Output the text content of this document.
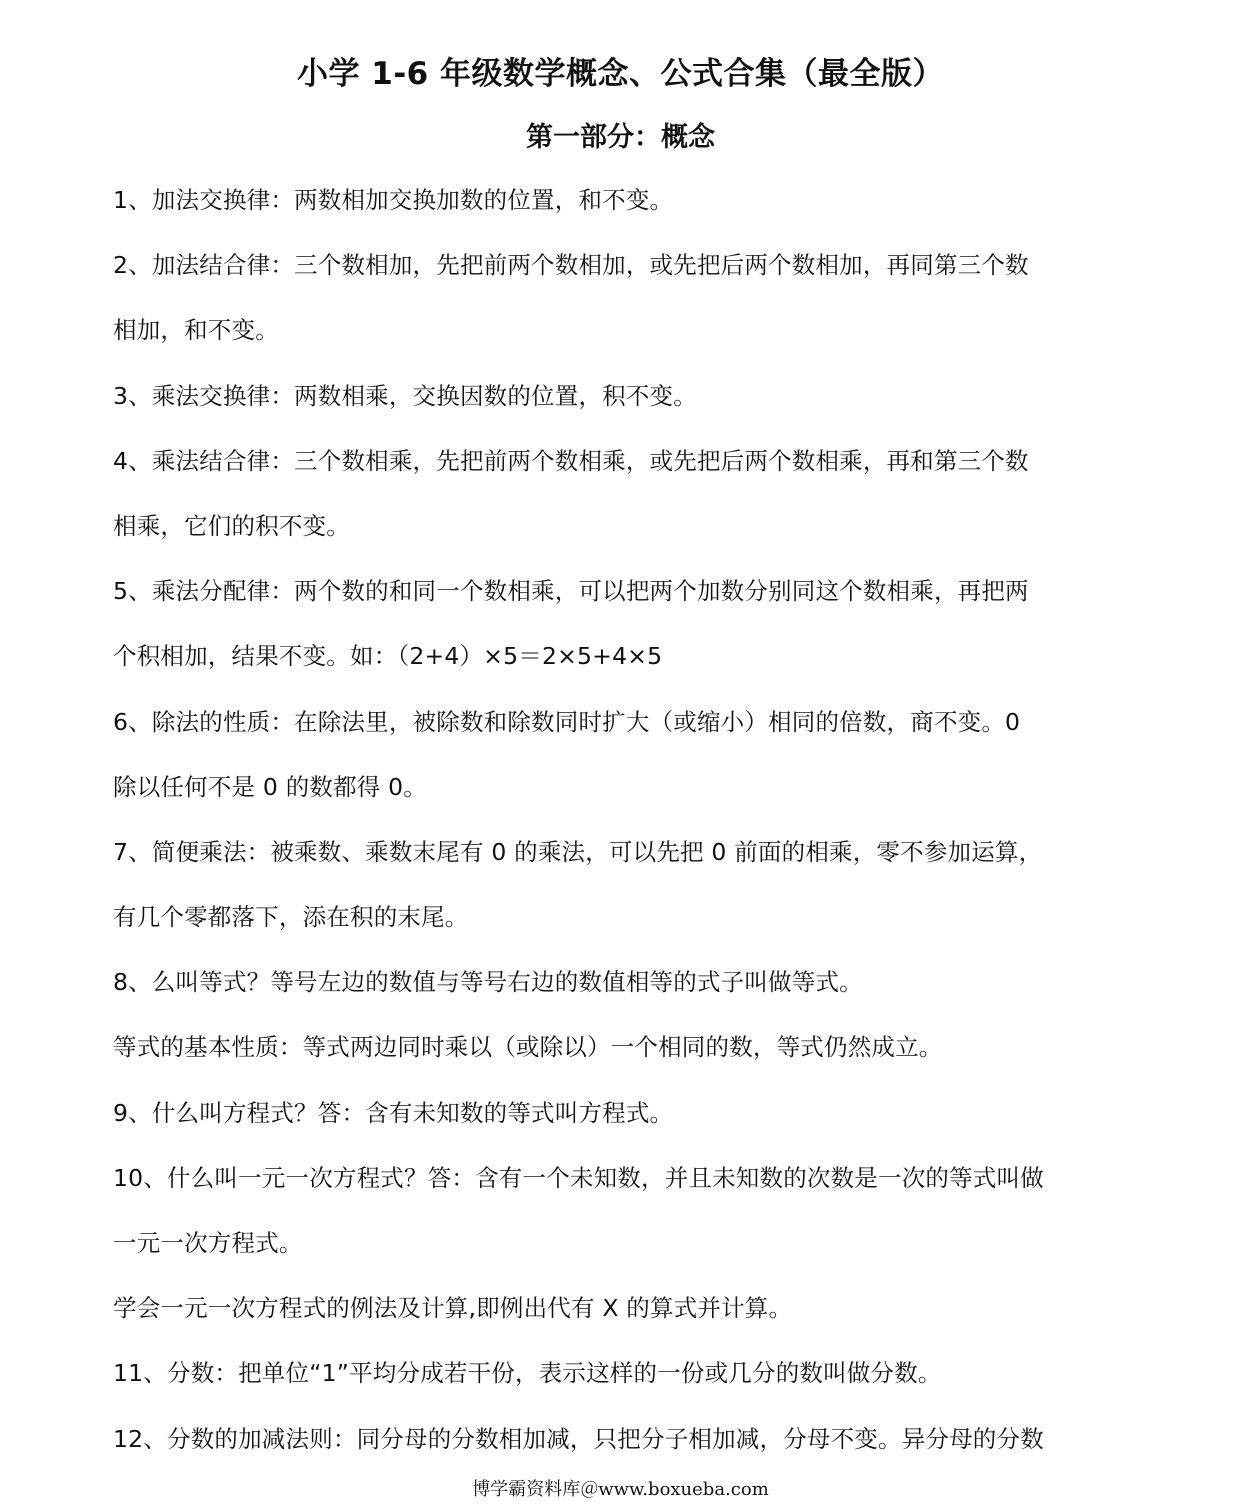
小学 1-6 年级数学概念、公式合集（最全版）
第一部分：概念
1、加法交换律：两数相加交换加数的位置，和不变。
2、加法结合律：三个数相加，先把前两个数相加，或先把后两个数相加，再同第三个数
相加，和不变。
3、乘法交换律：两数相乘，交换因数的位置，积不变。
4、乘法结合律：三个数相乘，先把前两个数相乘，或先把后两个数相乘，再和第三个数
相乘，它们的积不变。
5、乘法分配律：两个数的和同一个数相乘，可以把两个加数分别同这个数相乘，再把两
个积相加，结果不变。如：（2+4）×5＝2×5+4×5
6、除法的性质：在除法里，被除数和除数同时扩大（或缩小）相同的倍数，商不变。0
除以任何不是 0 的数都得 0。
7、简便乘法：被乘数、乘数末尾有 0 的乘法，可以先把 0 前面的相乘，零不参加运算，
有几个零都落下，添在积的末尾。
8、么叫等式？等号左边的数值与等号右边的数值相等的式子叫做等式。
等式的基本性质：等式两边同时乘以（或除以）一个相同的数，等式仍然成立。
9、什么叫方程式？答：含有未知数的等式叫方程式。
10、什么叫一元一次方程式？答：含有一个未知数，并且未知数的次数是一次的等式叫做
一元一次方程式。
学会一元一次方程式的例法及计算,即例出代有 X 的算式并计算。
11、分数：把单位“1”平均分成若干份，表示这样的一份或几分的数叫做分数。
12、分数的加减法则：同分母的分数相加减，只把分子相加减，分母不变。异分母的分数
博学霸资料库＠www.boxueba.com
